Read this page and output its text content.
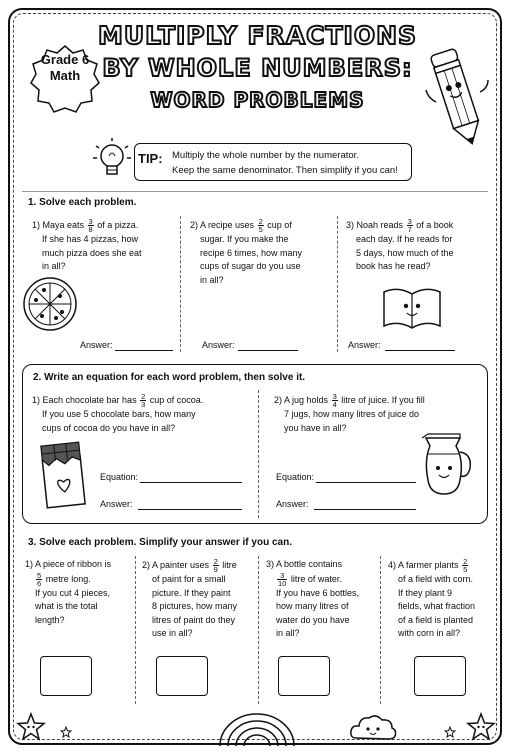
Grade 6
Math
MULTIPLY FRACTIONS
BY WHOLE NUMBERS:
WORD PROBLEMS
TIP: Multiply the whole number by the numerator.
Keep the same denominator. Then simplify if you can!
1. Solve each problem.
1) Maya eats $\frac{3}{8}$ of a pizza.
If she has 4 pizzas, how
much pizza does she eat
in all?
Answer:
2) A recipe uses $\frac{2}{5}$ cup of
sugar. If you make the
recipe 6 times, how many
cups of sugar do you use
in all?
Answer:
3) Noah reads $\frac{3}{7}$ of a book
each day. If he reads for
5 days, how much of the
book has he read?
Answer:
2. Write an equation for each word problem, then solve it.
1) Each chocolate bar has $\frac{2}{3}$ cup of cocoa.
If you use 5 chocolate bars, how many
cups of cocoa do you have in all?
Equation:
Answer:
2) A jug holds $\frac{3}{4}$ litre of juice. If you fill
7 jugs, how many litres of juice do
you have in all?
Equation:
Answer:
3. Solve each problem. Simplify your answer if you can.
1) A piece of ribbon is
$\frac{5}{6}$ metre long.
If you cut 4 pieces,
what is the total
length?
2) A painter uses $\frac{2}{9}$ litre
of paint for a small
picture. If they paint
8 pictures, how many
litres of paint do they
use in all?
3) A bottle contains
$\frac{3}{10}$ litre of water.
If you have 6 bottles,
how many litres of
water do you have
in all?
4) A farmer plants $\frac{2}{5}$
of a field with corn.
If they plant 9
fields, what fraction
of a field is planted
with corn in all?
